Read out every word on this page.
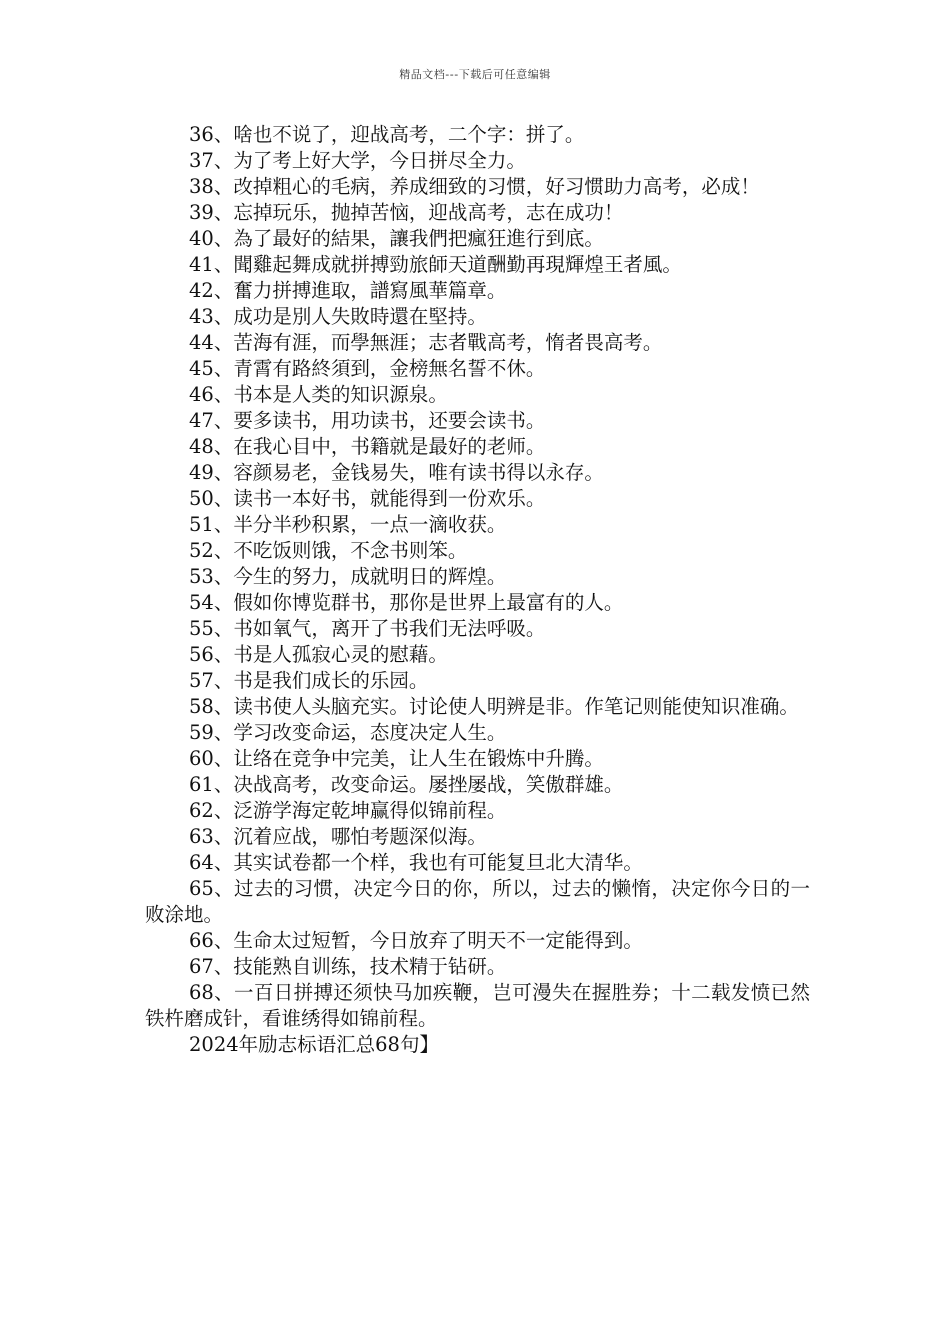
精品文档---下载后可任意编辑

36、啥也不说了，迎战高考，二个字：拼了。

37、为了考上好大学，今日拼尽全力。

38、改掉粗心的毛病，养成细致的习惯，好习惯助力高考，必成！

39、忘掉玩乐，抛掉苦恼，迎战高考，志在成功！

40、為了最好的結果，讓我們把瘋狂進行到底。

41、聞雞起舞成就拼搏勁旅師天道酬勤再現輝煌王者風。

42、奮力拼搏進取，譜寫風華篇章。

43、成功是別人失敗時還在堅持。

44、苦海有涯，而學無涯；志者戰高考，惰者畏高考。

45、青霄有路終須到，金榜無名誓不休。

46、书本是人类的知识源泉。

47、要多读书，用功读书，还要会读书。

48、在我心目中，书籍就是最好的老师。

49、容颜易老，金钱易失，唯有读书得以永存。

50、读书一本好书，就能得到一份欢乐。

51、半分半秒积累，一点一滴收获。

52、不吃饭则饿，不念书则笨。

53、今生的努力，成就明日的辉煌。

54、假如你博览群书，那你是世界上最富有的人。

55、书如氧气，离开了书我们无法呼吸。

56、书是人孤寂心灵的慰藉。

57、书是我们成长的乐园。

58、读书使人头脑充实。讨论使人明辨是非。作笔记则能使知识准确。

59、学习改变命运，态度决定人生。

60、让络在竞争中完美，让人生在锻炼中升腾。

61、决战高考，改变命运。屡挫屡战，笑傲群雄。

62、泛游学海定乾坤赢得似锦前程。

63、沉着应战，哪怕考题深似海。

64、其实试卷都一个样，我也有可能复旦北大清华。

65、过去的习惯，决定今日的你，所以，过去的懒惰，决定你今日的一败涂地。

66、生命太过短暂，今日放弃了明天不一定能得到。

67、技能熟自训练，技术精于钻研。

68、一百日拼搏还须快马加疾鞭，岂可漫失在握胜券；十二载发愤已然铁杵磨成针，看谁绣得如锦前程。

2024年励志标语汇总68句】
